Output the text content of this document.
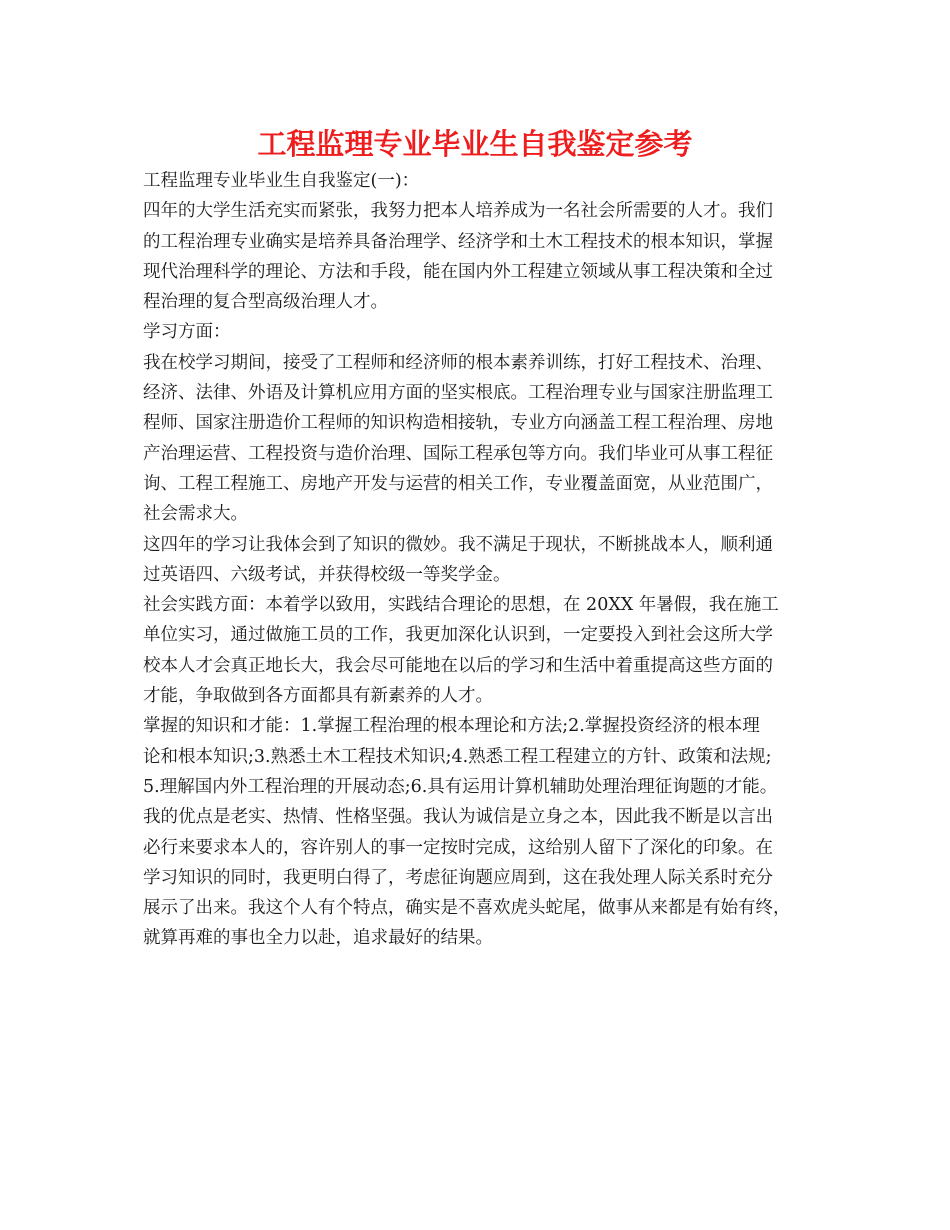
工程监理专业毕业生自我鉴定参考
工程监理专业毕业生自我鉴定(一)：
四年的大学生活充实而紧张，我努力把本人培养成为一名社会所需要的人才。我们
的工程治理专业确实是培养具备治理学、经济学和土木工程技术的根本知识，掌握
现代治理科学的理论、方法和手段，能在国内外工程建立领域从事工程决策和全过
程治理的复合型高级治理人才。
学习方面：
我在校学习期间，接受了工程师和经济师的根本素养训练，打好工程技术、治理、
经济、法律、外语及计算机应用方面的坚实根底。工程治理专业与国家注册监理工
程师、国家注册造价工程师的知识构造相接轨，专业方向涵盖工程工程治理、房地
产治理运营、工程投资与造价治理、国际工程承包等方向。我们毕业可从事工程征
询、工程工程施工、房地产开发与运营的相关工作，专业覆盖面宽，从业范围广，
社会需求大。
这四年的学习让我体会到了知识的微妙。我不满足于现状，不断挑战本人，顺利通
过英语四、六级考试，并获得校级一等奖学金。
社会实践方面：本着学以致用，实践结合理论的思想，在 20XX 年暑假，我在施工
单位实习，通过做施工员的工作，我更加深化认识到，一定要投入到社会这所大学
校本人才会真正地长大，我会尽可能地在以后的学习和生活中着重提高这些方面的
才能，争取做到各方面都具有新素养的人才。
掌握的知识和才能：1.掌握工程治理的根本理论和方法;2.掌握投资经济的根本理
论和根本知识;3.熟悉土木工程技术知识;4.熟悉工程工程建立的方针、政策和法规;
5.理解国内外工程治理的开展动态;6.具有运用计算机辅助处理治理征询题的才能。
我的优点是老实、热情、性格坚强。我认为诚信是立身之本，因此我不断是以言出
必行来要求本人的，容许别人的事一定按时完成，这给别人留下了深化的印象。在
学习知识的同时，我更明白得了，考虑征询题应周到，这在我处理人际关系时充分
展示了出来。我这个人有个特点，确实是不喜欢虎头蛇尾，做事从来都是有始有终，
就算再难的事也全力以赴，追求最好的结果。
